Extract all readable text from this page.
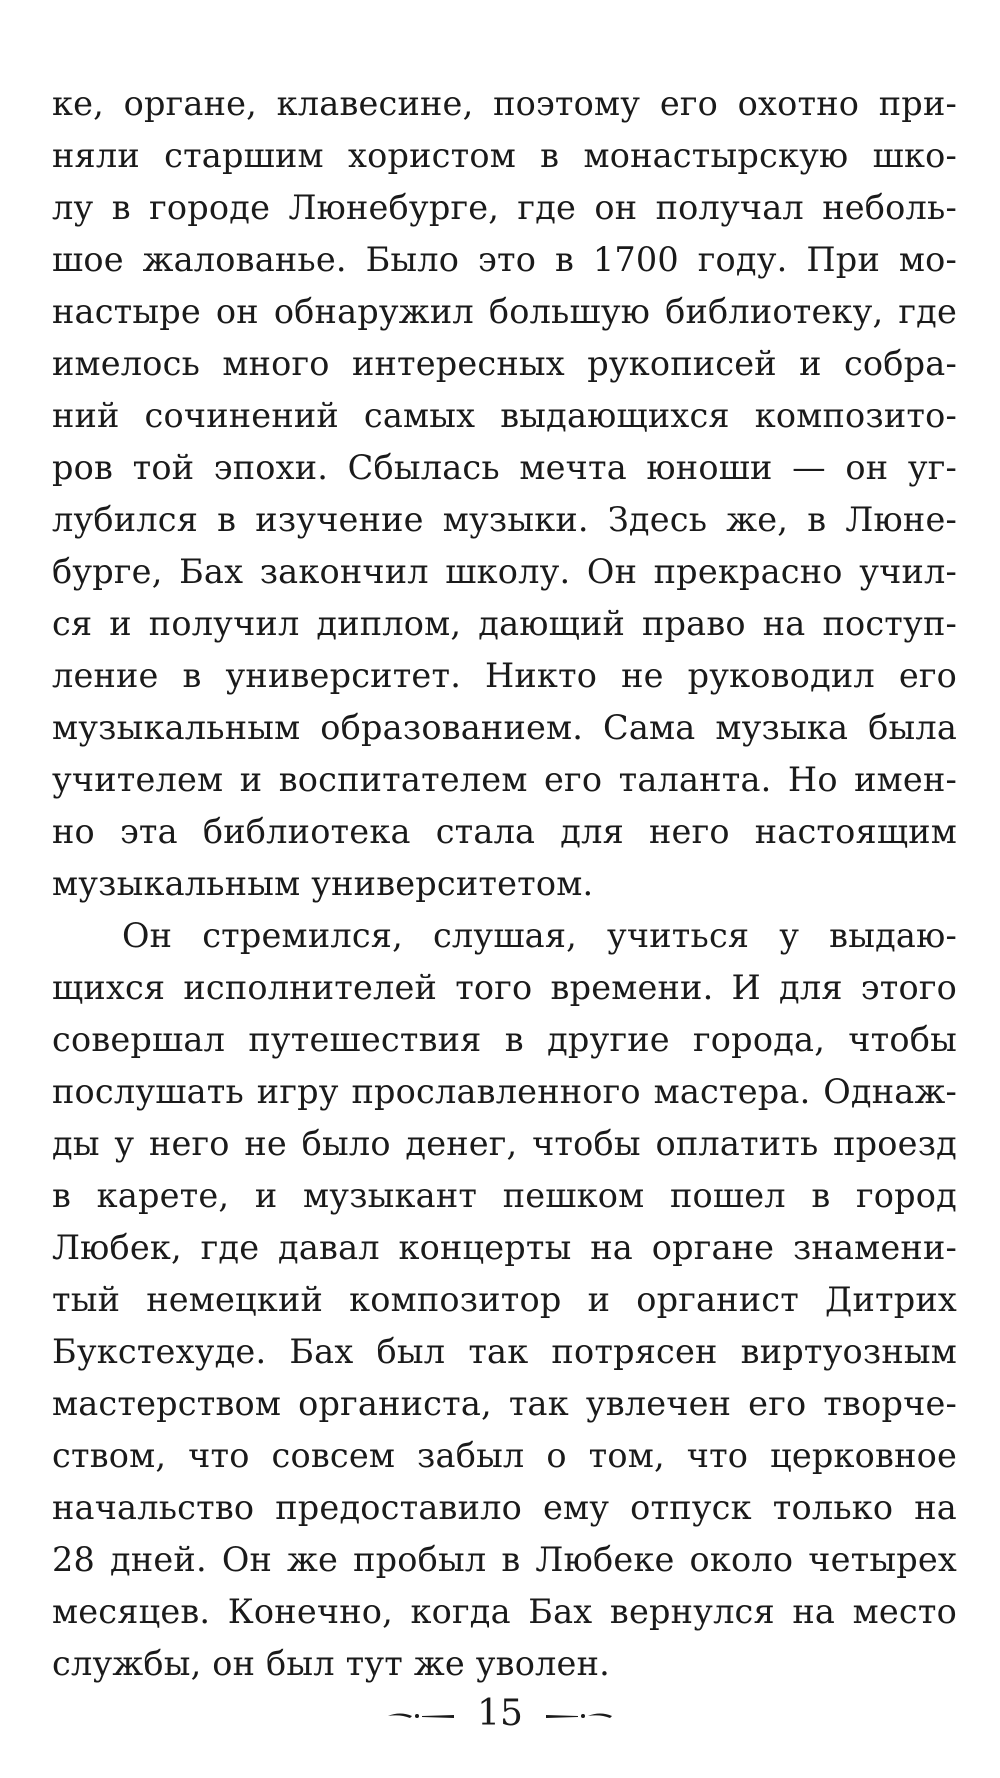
ке, органе, клавесине, поэтому его охотно при-
няли старшим хористом в монастырскую шко-
лу в городе Люнебурге, где он получал неболь-
шое жалованье. Было это в 1700 году. При мо-
настыре он обнаружил большую библиотеку, где
имелось много интересных рукописей и собра-
ний сочинений самых выдающихся композито-
ров той эпохи. Сбылась мечта юноши — он уг-
лубился в изучение музыки. Здесь же, в Люне-
бурге, Бах закончил школу. Он прекрасно учил-
ся и получил диплом, дающий право на поступ-
ление в университет. Никто не руководил его
музыкальным образованием. Сама музыка была
учителем и воспитателем его таланта. Но имен-
но эта библиотека стала для него настоящим
музыкальным университетом.
Он стремился, слушая, учиться у выдаю-
щихся исполнителей того времени. И для этого
совершал путешествия в другие города, чтобы
послушать игру прославленного мастера. Однаж-
ды у него не было денег, чтобы оплатить проезд
в карете, и музыкант пешком пошел в город
Любек, где давал концерты на органе знамени-
тый немецкий композитор и органист Дитрих
Букстехуде. Бах был так потрясен виртуозным
мастерством органиста, так увлечен его творче-
ством, что совсем забыл о том, что церковное
начальство предоставило ему отпуск только на
28 дней. Он же пробыл в Любеке около четырех
месяцев. Конечно, когда Бах вернулся на место
службы, он был тут же уволен.
15
